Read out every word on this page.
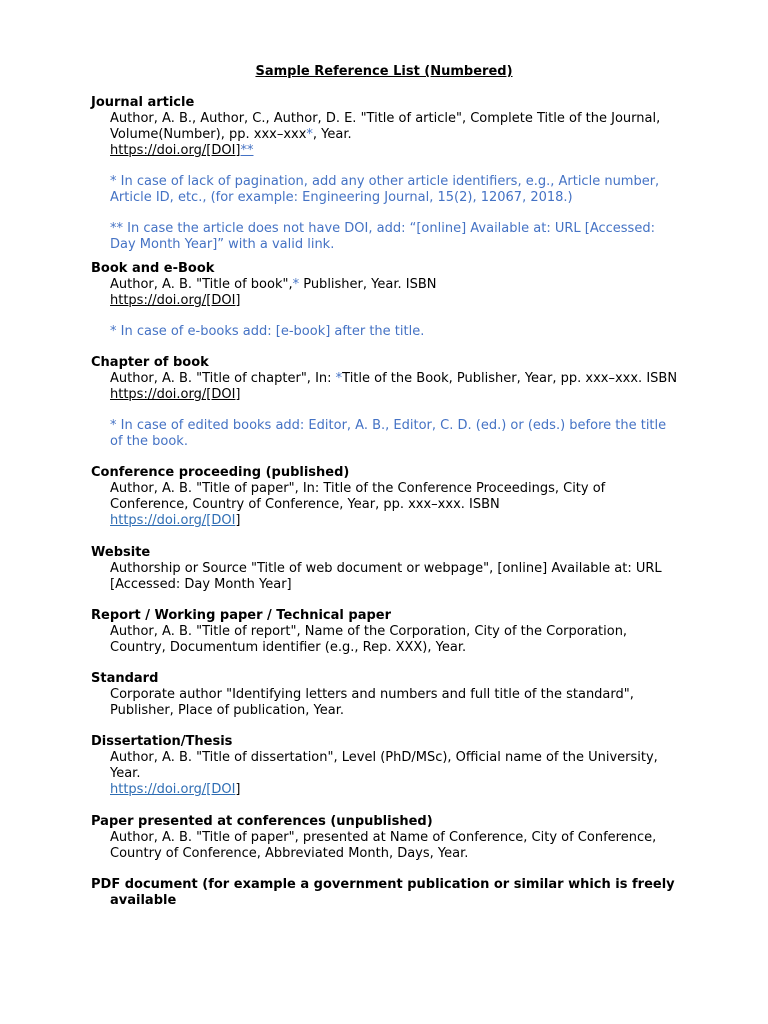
Sample Reference List (Numbered)
Journal article
Author, A. B., Author, C., Author, D. E. "Title of article", Complete Title of the Journal,
Volume(Number), pp. xxx–xxx*, Year.
https://doi.org/[DOI]**
* In case of lack of pagination, add any other article identifiers, e.g., Article number,
Article ID, etc., (for example: Engineering Journal, 15(2), 12067, 2018.)
** In case the article does not have DOI, add: “[online] Available at: URL [Accessed:
Day Month Year]” with a valid link.
Book and e-Book
Author, A. B. "Title of book",* Publisher, Year. ISBN
https://doi.org/[DOI]
* In case of e-books add: [e-book] after the title.
Chapter of book
Author, A. B. "Title of chapter", In: *Title of the Book, Publisher, Year, pp. xxx–xxx. ISBN
https://doi.org/[DOI]
* In case of edited books add: Editor, A. B., Editor, C. D. (ed.) or (eds.) before the title
of the book.
Conference proceeding (published)
Author, A. B. "Title of paper", In: Title of the Conference Proceedings, City of
Conference, Country of Conference, Year, pp. xxx–xxx. ISBN
https://doi.org/[DOI]
Website
Authorship or Source "Title of web document or webpage", [online] Available at: URL
[Accessed: Day Month Year]
Report / Working paper / Technical paper
Author, A. B. "Title of report", Name of the Corporation, City of the Corporation,
Country, Documentum identifier (e.g., Rep. XXX), Year.
Standard
Corporate author "Identifying letters and numbers and full title of the standard",
Publisher, Place of publication, Year.
Dissertation/Thesis
Author, A. B. "Title of dissertation", Level (PhD/MSc), Official name of the University,
Year.
https://doi.org/[DOI]
Paper presented at conferences (unpublished)
Author, A. B. "Title of paper", presented at Name of Conference, City of Conference,
Country of Conference, Abbreviated Month, Days, Year.
PDF document (for example a government publication or similar which is freely
available
